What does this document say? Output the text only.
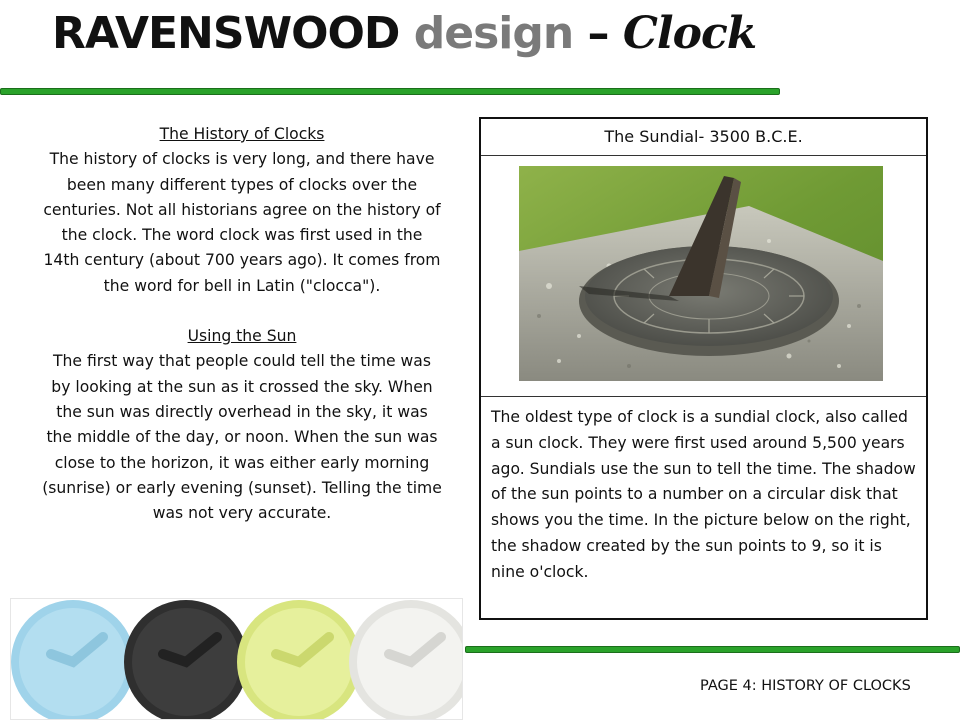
RAVENSWOOD design – Clock
The History of Clocks

The history of clocks is very long, and there have been many different types of clocks over the centuries. Not all historians agree on the history of the clock. The word clock was first used in the 14th century (about 700 years ago). It comes from the word for bell in Latin ("clocca").

Using the Sun

The first way that people could tell the time was by looking at the sun as it crossed the sky. When the sun was directly overhead in the sky, it was the middle of the day, or noon. When the sun was close to the horizon, it was either early morning (sunrise) or early evening (sunset). Telling the time was not very accurate.

The Sundial- 3500 B.C.E.
The oldest type of clock is a sundial clock, also called a sun clock. They were first used around 5,500 years ago. Sundials use the sun to tell the time. The shadow of the sun points to a number on a circular disk that shows you the time. In the picture below on the right, the shadow created by the sun points to 9, so it is nine o'clock.
PAGE 4: HISTORY OF CLOCKS
